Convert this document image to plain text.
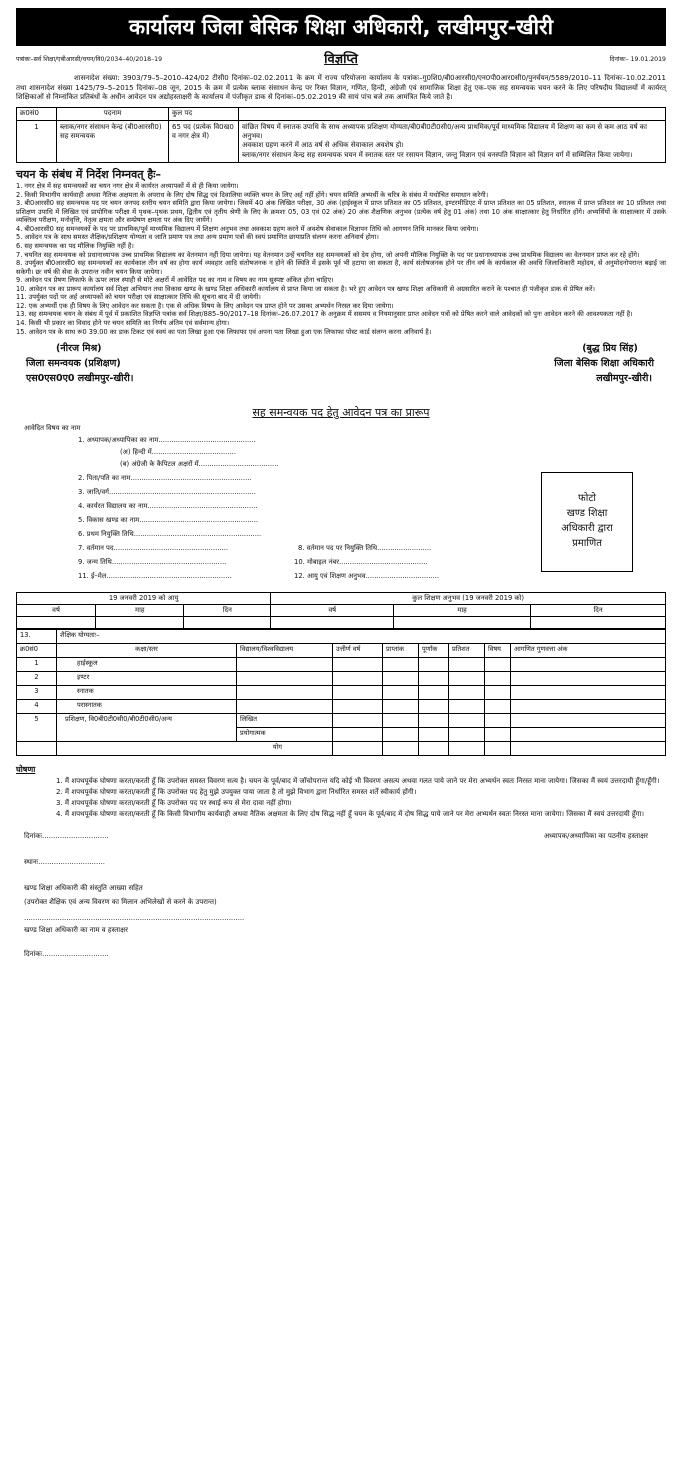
कार्यालय जिला बेसिक शिक्षा अधिकारी, लखीमपुर-खीरी
पत्रांकः–सर्व शिक्षा/एबीआरसी/चयन/वि0/2034–40/2018–19	विज्ञप्ति	दिनांकः– 19.01.2019
शासनादेश संख्या: 3903/79–5–2010–424/02 टीसी0 दिनांकः–02.02.2011 के क्रम में राज्य परियोजना कार्यालय के पत्रांकः–गु0शि0/बी0आरसी0/एन0पी0आर0सी0/पुनर्चयन/5589/2010–11 दिनांकः–10.02.2011 तथा शासनादेश संख्या 1425/79–5–2015 दिनांकः–08 जून, 2015 के क्रम में प्रत्येक ब्लाक संसाधन केन्द्र पर रिक्त विज्ञान, गणित, हिन्दी, अंग्रेजी एवं सामाजिक शिक्षा हेतु एक–एक सह समन्वयक चयन करने के लिए परिषदीय विद्यालयों में कार्यरत् शिक्षिकाओं से निम्नांकित प्रतिबंधों के अधीन आवेदन पत्र अद्योहस्ताक्षरी के कार्यालय में पंजीकृत डाक से दिनांकः–05.02.2019 की सायं पांच बजे तक आमंत्रित किये जाते है।
क्र0सं0	पदनाम	कुल पद	
1	ब्लाक/नगर संसाधन केन्द्र (बी0आरसी0) सह समन्वयक	65 पद (प्रत्येक वि0ख0 व नगर क्षेत्र में)	वांछित विषय में स्नातक उपाधि के साथ अध्यापक प्रशिक्षण योग्यता/बी0बी0टी0सी0/अन्य प्राथमिक/पूर्व माध्यमिक विद्यालय में शिक्षण का कम से कम आठ वर्ष का अनुभव।
अवकाश ग्रहण करने में आठ वर्ष से अधिक सेवाकाल अवशेष हो।
ब्लाक/नगर संसाधन केन्द्र सह समन्वयक चयन में स्नातक स्तर पर रसायन विज्ञान, जन्तु विज्ञान एवं वनस्पति विज्ञान को विज्ञान वर्ग में सम्मिलित किया जायेगा।
चयन के संबंध में निर्देश निम्नवत् हैः–

1. नगर क्षेत्र में सह समन्वयकों का चयन नगर क्षेत्र में कार्यरत अध्यापकों में से ही किया जायेगा।

2. किसी विभागीय कार्यवाही अथवा नैतिक अक्षमता के अपराध के लिए दोष सिद्ध एवं दिवालिया व्यक्ति चयन के लिए अर्ह नहीं होंगे। चयन समिति अभ्यर्थी के चरित्र के संबंध में यथोचित समाधान करेगी।

3. बी0आरसी0 सह समन्वयक पद पर चयन जनपद स्तरीय चयन समिति द्वारा किया जायेगा। जिसमें 40 अंक लिखित परीक्षा, 30 अंक (हाईस्कूल में प्राप्त प्रतिशत का 05 प्रतिशत, इण्टरमीडिएट में प्राप्त प्रतिशत का 05 प्रतिशत, स्नातक में प्राप्त प्रतिशत का 10 प्रतिशत तथा प्रशिक्षण उपाधि में लिखित एवं प्रायोगिक परीक्षा में पृथक–पृथक प्रथम, द्वितीय एवं तृतीय श्रेणी के लिए के क्रमशः 05, 03 एवं 02 अंक) 20 अंक शैक्षणिक अनुभव (प्रत्येक वर्ष हेतु 01 अंक) तथा 10 अंक साक्षात्कार हेतु निर्धारित होंगे। अभ्यर्थियों के साक्षात्कार में उसके व्यक्तित्व परीक्षण, मनोवृत्ति, नेतृत्व क्षमता और सम्प्रेषण क्षमता पर अंक दिए जायेंगे।

4. बी0आरसी0 सह समन्वयकों के पद पर प्राथमिक/पूर्व माध्यमिक विद्यालय में शिक्षण अनुभव तथा अवकाश ग्रहण करने में अवशेष सेवाकाल विज्ञापन तिथि को आगणन तिथि मानकर किया जायेगा।

5. आवेदन पत्र के साथ समस्त शैक्षिक/प्रशिक्षण योग्यता व जाति प्रमाण पत्र तथा अन्य प्रमाण पत्रों की स्वयं प्रमाणित छायाप्रति संलग्न करना अनिवार्य होगा।

6. सह समन्वयक का पद मौलिक नियुक्ति नहीं है।

7. चयनित सह समन्वयक को प्रधानाध्यापक उच्च प्राथमिक विद्यालय का वेतनमान नहीं दिया जायेगा। यह वेतनमान उन्हें चयनित सह समन्वयकों को देय होगा, जो अपनी मौलिक नियुक्ति के पद पर प्रधानाध्यापक उच्च प्राथमिक विद्यालय का वेतनमान प्राप्त कर रहे होंगे।

8. उपर्युक्त बी0आरसी0 सह समन्वयकों का कार्यकाल तीन वर्ष का होगा कार्य व्यवहार आदि संतोषजनक न होने की स्थिति में इसके पूर्व भी हटाया जा सकता है, कार्य संतोषजनक होने पर तीन वर्ष के कार्यकाल की अवधि जिलाधिकारी महोदय, से अनुमोदनोपरान्त बढ़ाई जा सकेगी। छः वर्ष की सेवा के उपरान्त नवीन चयन किया जायेगा।

9. आवेदन पत्र प्रेषण लिफाफे के ऊपर लाल स्याही से मोटे अक्षरों में आवेदित पद का नाम व विषय का नाम सुस्पष्ट अंकित होना चाहिए।

10. आवेदन पत्र का प्रारूप कार्यालय सर्व शिक्षा अभियान तथा विकास खण्ड के खण्ड शिक्षा अधिकारी कार्यालय से प्राप्त किया जा सकता है। भरे हुए आवेदन पत्र खण्ड शिक्षा अधिकारी से अग्रसारित कराने के पश्चात ही पंजीकृत डाक से प्रेषित करें।

11. उपर्युक्त पदों पर अर्ह अध्यापकों को चयन परीक्षा एवं साक्षात्कार तिथि की सूचना बाद में दी जायेगी।

12. एक अभ्यर्थी एक ही विषय के लिए आवेदन कर सकता है। एक से अधिक विषय के लिए आवेदन पत्र प्राप्त होने पर उसका अभ्यर्थन निरस्त कर दिया जायेगा।

13. सह समन्वयक चयन के संबंध में पूर्व में प्रकाशित विज्ञप्ति पत्रांक सर्व शिक्षा/885–90/2017–18 दिनांकः–26.07.2017 के अनुक्रम में ससमय व नियमानुसार प्राप्त आवेदन पत्रों को प्रेषित करने वाले आवेदकों को पुनः आवेदन करने की आवश्यकता नहीं है।

14. किसी भी प्रकार का विवाद होने पर चयन समिति का निर्णय अंतिम एवं सर्वमान्य होगा।

15. आवेदन पत्र के साथ रू0 39.00 का डाक टिकट एवं स्वयं का पता लिखा हुआ एक लिफाफा एवं अपना पता लिखा हुआ एक लिफाफा पोस्ट कार्ड संलग्न करना अनिवार्य है।

(नीरज मिश्र)
जिला समन्वयक (प्रशिक्षण)
एस0एस0ए0 लखीमपुर-खीरी।
(बुद्ध प्रिय सिंह)
जिला बेसिक शिक्षा अधिकारी
लखीमपुर-खीरी।
सह समन्वयक पद हेतु आवेदन पत्र का प्रारूप
आवेदित विषय का नाम
1. अध्यापक/अध्यापिका का नाम.............................................
(अ) हिन्दी में.......................................
(ब) अंग्रेजी के कैपिटल अक्षरों में.....................................
2. पिता/पति का नाम........................................................
3. जाति/वर्ग....................................................................
4. कार्यरत विद्यालय का नाम...................................................
5. विकास खण्ड का नाम.......................................................
6. प्रथम नियुक्ति तिथि...........................................................
7. वर्तमान पद.....................................................	8. वर्तमान पद पर नियुक्ति तिथि.........................
9. जन्म तिथि.....................................................	10. मोबाइल नंबर.........................................
11. ई–मेल..........................................................	12. आयु एवं शिक्षण अनुभव..................................
फोटो
खण्ड शिक्षा
अधिकारी द्वारा
प्रमाणित
19 जनवरी 2019 को आयु			कुल शिक्षण अनुभव (19 जनवरी 2019 को)		
वर्ष	माह	दिन	वर्ष	माह	दिन

13.	शैक्षिक योग्यताः–							
क्र0सं0	कक्षा/स्तर	विद्यालय/विश्वविद्यालय	उत्तीर्ण वर्ष	प्राप्तांक	पूर्णांक	प्रतिशत	विषय	आगणित गुणवत्ता अंक
1	हाईस्कूल							
2	इण्टर							
3	स्नातक							
4	परास्नातक							
5	प्रशिक्षण, वि0बी0टी0सी0/बी0टी0सी0/अन्य	लिखित						
		प्रयोगात्मक						
	योग							
घोषणा

1. मैं शपथपूर्वक घोषणा करता/करती हूँ कि उपरोक्त समस्त विवरण सत्य है। चयन के पूर्व/बाद में जॉचोपरान्त यदि कोई भी विवरण असत्य अथवा गलत पाये जाने पर मेरा अभ्यर्थन स्वतः निरस्त माना जायेगा। जिसका मैं स्वयं उत्तरदायी हूँगा/हूँगी।

2. मैं शपथपूर्वक घोषणा करता/करती हूँ कि उपरोक्त पद हेतु मुझे उपयुक्त पाया जाता है तो मुझे विभाग द्वारा निर्धारित समस्त शर्तें स्वीकार्य होंगी।

3. मैं शपथपूर्वक घोषणा करता/करती हूँ कि उपरोक्त पद पर स्थाई रूप से मेरा दावा नहीं होगा।

4. मैं शपथपूर्वक घोषणा करता/करती हूँ कि किसी विभागीय कार्यवाही अथवा नैतिक अक्षमता के लिए दोष सिद्ध नहीं हूँ चयन के पूर्व/बाद में दोष सिद्ध पाये जाने पर मेरा अभ्यर्थन स्वतः निरस्त माना जायेगा। जिसका मैं स्वयं उत्तरदायी हूँगा।

दिनांकः..............................	अध्यापक/अध्यापिका का पठनीय हस्ताक्षर
स्थानः..............................
खण्ड शिक्षा अधिकारी की संस्तुति आख्या सहित
(उपरोक्त शैक्षिक एवं अन्य विवरण का मिलान अभिलेखों से करने के उपरान्त)
...................................................................................................
खण्ड शिक्षा अधिकारी का नाम व हस्ताक्षर
दिनांकः..............................
